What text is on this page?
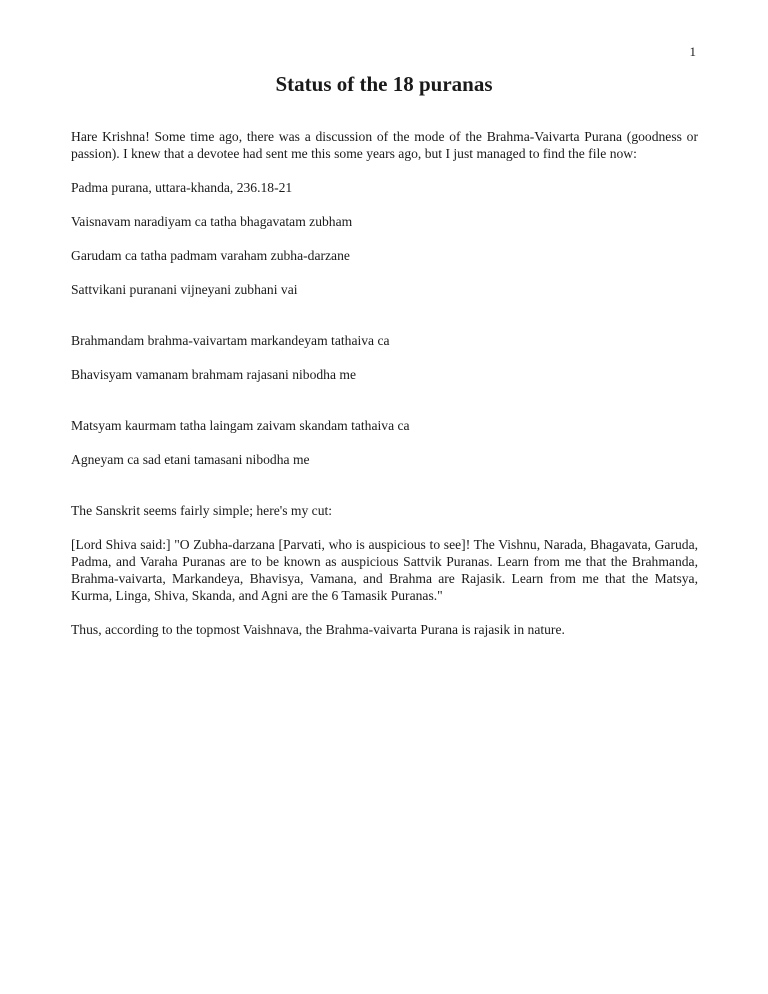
1
Status of the 18 puranas

Hare Krishna! Some time ago, there was a discussion of the mode of the Brahma-Vaivarta Purana (goodness or passion). I knew that a devotee had sent me this some years ago, but I just managed to find the file now:

Padma purana, uttara-khanda, 236.18-21

Vaisnavam naradiyam ca tatha bhagavatam zubham

Garudam ca tatha padmam varaham zubha-darzane

Sattvikani puranani vijneyani zubhani vai

Brahmandam brahma-vaivartam markandeyam tathaiva ca

Bhavisyam vamanam brahmam rajasani nibodha me

Matsyam kaurmam tatha laingam zaivam skandam tathaiva ca

Agneyam ca sad etani tamasani nibodha me

The Sanskrit seems fairly simple; here's my cut:

[Lord Shiva said:] "O Zubha-darzana [Parvati, who is auspicious to see]! The Vishnu, Narada, Bhagavata, Garuda, Padma, and Varaha Puranas are to be known as auspicious Sattvik Puranas. Learn from me that the Brahmanda, Brahma-vaivarta, Markandeya, Bhavisya, Vamana, and Brahma are Rajasik. Learn from me that the Matsya, Kurma, Linga, Shiva, Skanda, and Agni are the 6 Tamasik Puranas."

Thus, according to the topmost Vaishnava, the Brahma-vaivarta Purana is rajasik in nature.
